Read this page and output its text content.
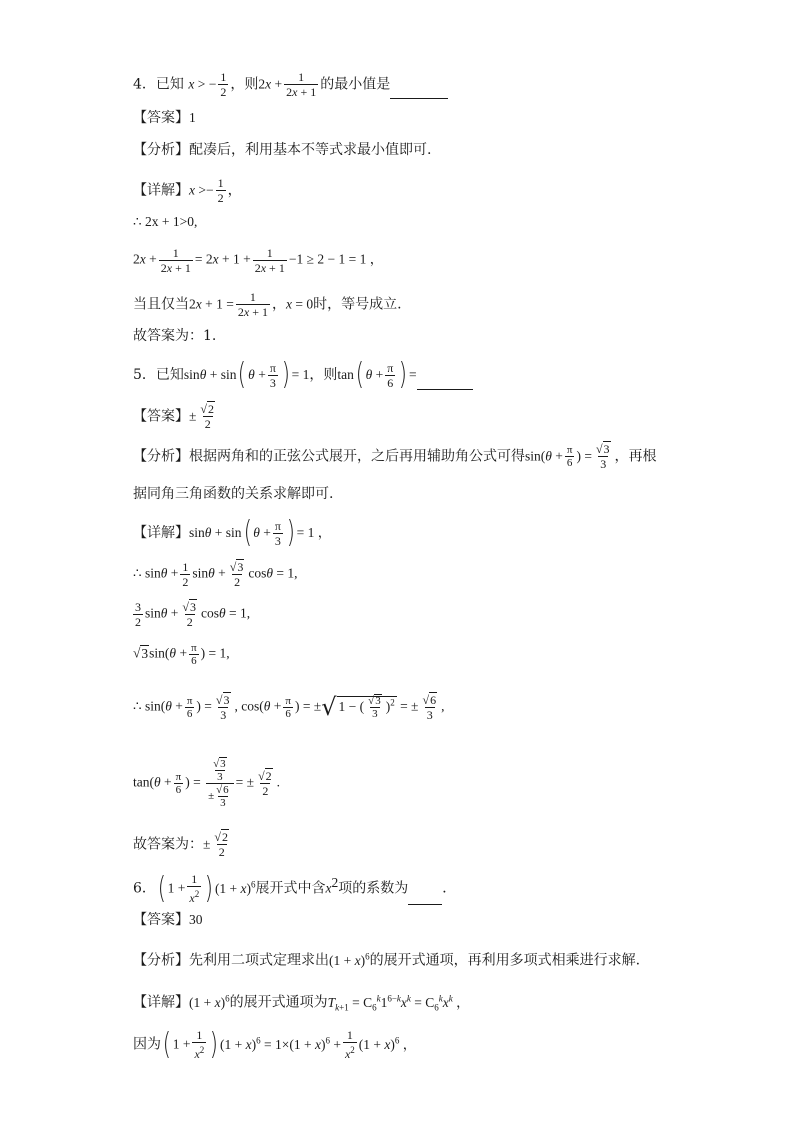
4．已知 x > − $\frac{1}{2}$ ，则$2x + \frac{1}{2x + 1}$ 的最小值是
【答案】1
【分析】配凑后，利用基本不等式求最小值即可.
【详解】$x >- \frac{1}{2}$ ，
∴ 2x + 1>0,
$2x + \frac{1}{2x + 1} = 2x + 1 + \frac{1}{2x + 1} -1 \ge 2 - 1 = 1$ ，
当且仅当$2x + 1 = \frac{1}{2x + 1}$ ，x = 0时，等号成立.
故答案为：1.
5．已知sinθ + sin( $\theta + \frac{\pi}{3}$ ) = 1，则tan( $\theta + \frac{\pi}{6}$ ) =
【答案】± $\frac{√2}{2}$
【分析】根据两角和的正弦公式展开，之后再用辅助角公式可得$\sin(\theta + \frac{\pi}{6}$ ) = $\frac{√3}{3}$ ，再根
据同角三角函数的关系求解即可.
【详解】sinθ + sin( $\theta + \frac{\pi}{3}$ ) = 1 ，
∴ $\sin\theta + \frac{1}{2}$ $\sin\theta + \frac{√3}{2}$ cosθ = 1,
$\frac{3}{2}$ $\sin\theta + \frac{√3}{2}$ cosθ = 1,
$√3\sin(\theta + \frac{\pi}{6}$ ) = 1,
∴ $\sin(\theta + \frac{\pi}{6}$ ) = $\frac{√3}{3}$ , $\cos(\theta + \frac{\pi}{6}$ ) = ±√ 1 − ( $\frac{√3}{3} )^2$ = ± $\frac{√6}{3}$ ,
$\tan(\theta + \frac{\pi}{6}$ ) = $\frac{\frac{√3}{3}}{\pm \frac{√6}{3}}$ = ± $\frac{√2}{2}$ .
故答案为：± $\frac{√2}{2}$
6．( $1 + \frac{1}{x^2}$ ) $(1 + x)^6$展开式中含$x^2$项的系数为 ．
【答案】30
【分析】先利用二项式定理求出$(1 + x)^6$的展开式通项，再利用多项式相乘进行求解.
【详解】$(1 + x)^6$的展开式通项为$T_{k+1} = C_6^k1^{6-k}x^k = C_6^kx^k$ ，
因为( $1 + \frac{1}{x^2}$ ) $(1 + x)^6 = 1\times(1 + x)^6 + \frac{1}{x^2} (1 + x)^6$ ，
